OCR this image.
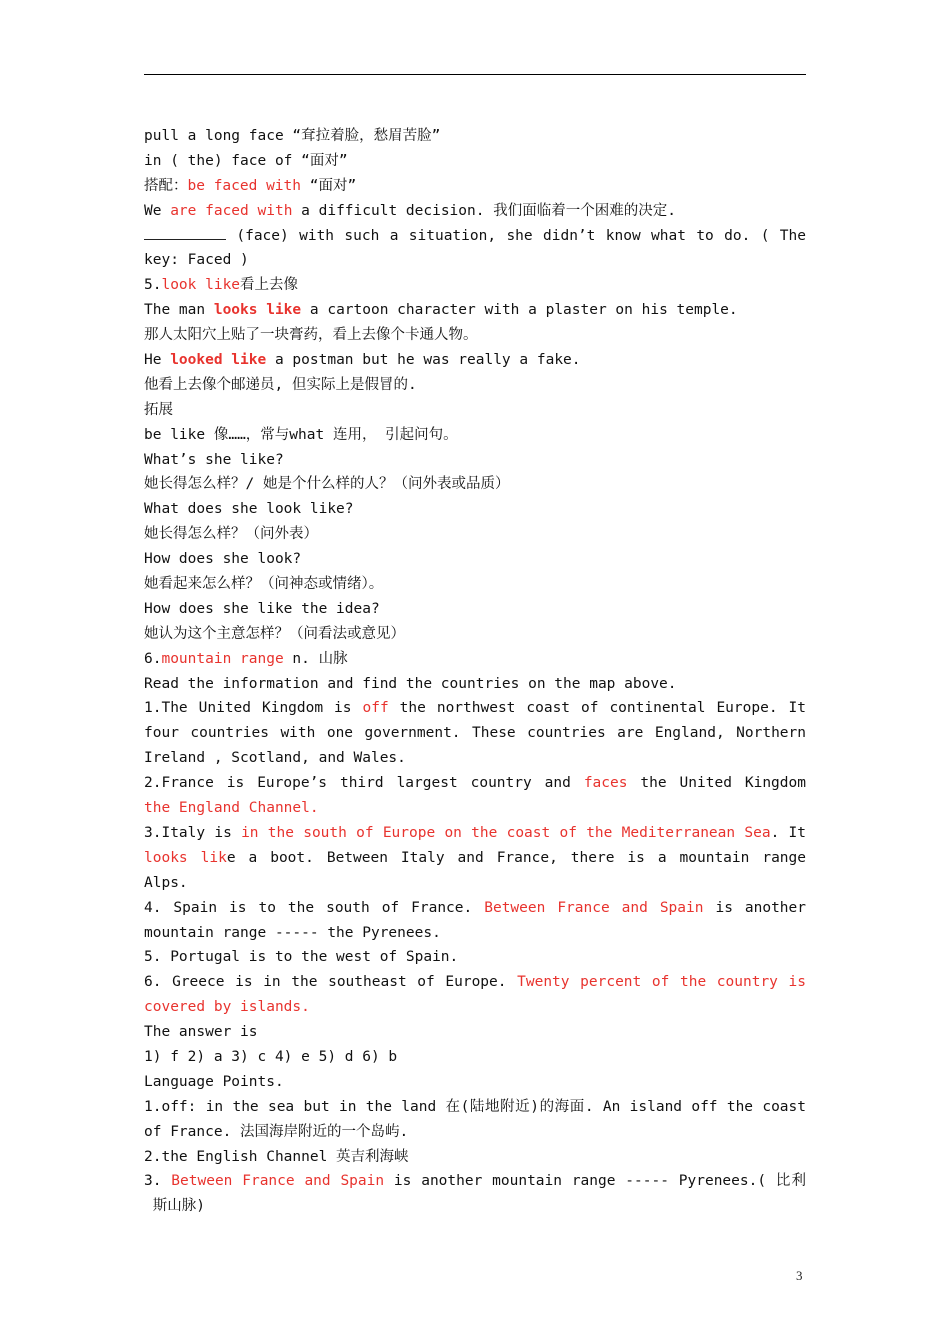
pull a long face “耷拉着脸，愁眉苦脸”
in ( the) face of “面对”
搭配：be faced with “面对”
We are faced with a difficult decision. 我们面临着一个困难的决定.
(face) with such a situation, she didn’t know what to do. ( The
key: Faced )
5.look like看上去像
The man looks like a cartoon character with a plaster on his temple.
那人太阳穴上贴了一块膏药，看上去像个卡通人物。
He looked like a postman but he was really a fake.
他看上去像个邮递员, 但实际上是假冒的.
拓展
be like 像……，常与what 连用， 引起问句。
What’s she like?
她长得怎么样？/ 她是个什么样的人？（问外表或品质）
What does she look like?
她长得怎么样？（问外表）
How does she look?
她看起来怎么样？（问神态或情绪）。
How does she like the idea?
她认为这个主意怎样？（问看法或意见）
6.mountain range n. 山脉
Read the information and find the countries on the map above.
1.The United Kingdom is off the northwest coast of continental Europe. It
four countries with one government. These countries are England, Northern
Ireland , Scotland, and Wales.
2.France is Europe’s third largest country and faces the United Kingdom
the England Channel.
3.Italy is in the south of Europe on the coast of the Mediterranean Sea. It
looks like a boot. Between Italy and France, there is a mountain range
Alps.
4. Spain is to the south of France. Between France and Spain is another
mountain range ----- the Pyrenees.
5. Portugal is to the west of Spain.
6. Greece is in the southeast of Europe. Twenty percent of the country is
covered by islands.
The answer is
1) f 2) a 3) c 4) e 5) d 6) b
Language Points.
1.off: in the sea but in the land 在(陆地附近)的海面. An island off the coast
of France. 法国海岸附近的一个岛屿.
2.the English Channel 英吉利海峡
3. Between France and Spain is another mountain range ----- Pyrenees.( 比利
斯山脉)
3
